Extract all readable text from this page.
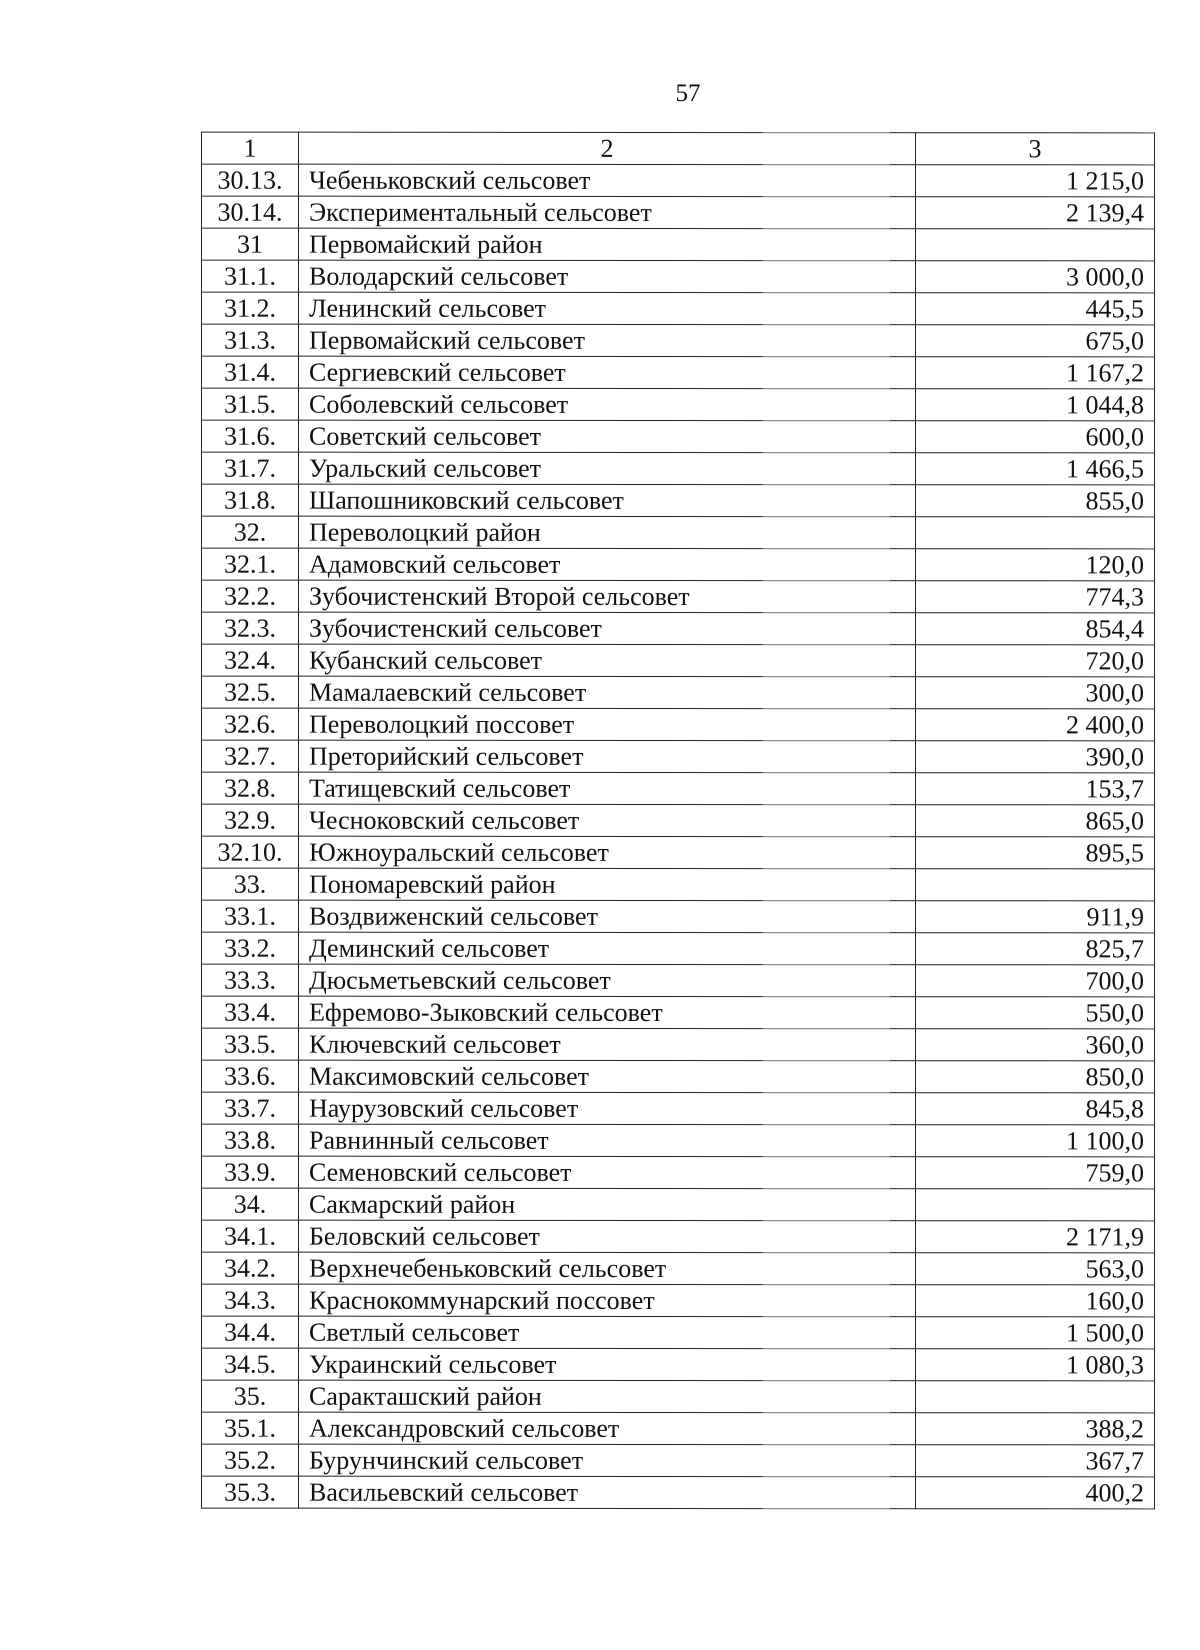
57
1	2	3
30.13.	Чебеньковский сельсовет	1 215,0
30.14.	Экспериментальный сельсовет	2 139,4
31	Первомайский район	
31.1.	Володарский сельсовет	3 000,0
31.2.	Ленинский сельсовет	445,5
31.3.	Первомайский сельсовет	675,0
31.4.	Сергиевский сельсовет	1 167,2
31.5.	Соболевский сельсовет	1 044,8
31.6.	Советский сельсовет	600,0
31.7.	Уральский сельсовет	1 466,5
31.8.	Шапошниковский сельсовет	855,0
32.	Переволоцкий район	
32.1.	Адамовский сельсовет	120,0
32.2.	Зубочистенский Второй сельсовет	774,3
32.3.	Зубочистенский сельсовет	854,4
32.4.	Кубанский сельсовет	720,0
32.5.	Мамалаевский сельсовет	300,0
32.6.	Переволоцкий поссовет	2 400,0
32.7.	Преторийский сельсовет	390,0
32.8.	Татищевский сельсовет	153,7
32.9.	Чесноковский сельсовет	865,0
32.10.	Южноуральский сельсовет	895,5
33.	Пономаревский район	
33.1.	Воздвиженский сельсовет	911,9
33.2.	Деминский сельсовет	825,7
33.3.	Дюсьметьевский сельсовет	700,0
33.4.	Ефремово-Зыковский сельсовет	550,0
33.5.	Ключевский сельсовет	360,0
33.6.	Максимовский сельсовет	850,0
33.7.	Наурузовский сельсовет	845,8
33.8.	Равнинный сельсовет	1 100,0
33.9.	Семеновский сельсовет	759,0
34.	Сакмарский район	
34.1.	Беловский сельсовет	2 171,9
34.2.	Верхнечебеньковский сельсовет	563,0
34.3.	Краснокоммунарский поссовет	160,0
34.4.	Светлый сельсовет	1 500,0
34.5.	Украинский сельсовет	1 080,3
35.	Саракташский район	
35.1.	Александровский сельсовет	388,2
35.2.	Бурунчинский сельсовет	367,7
35.3.	Васильевский сельсовет	400,2
